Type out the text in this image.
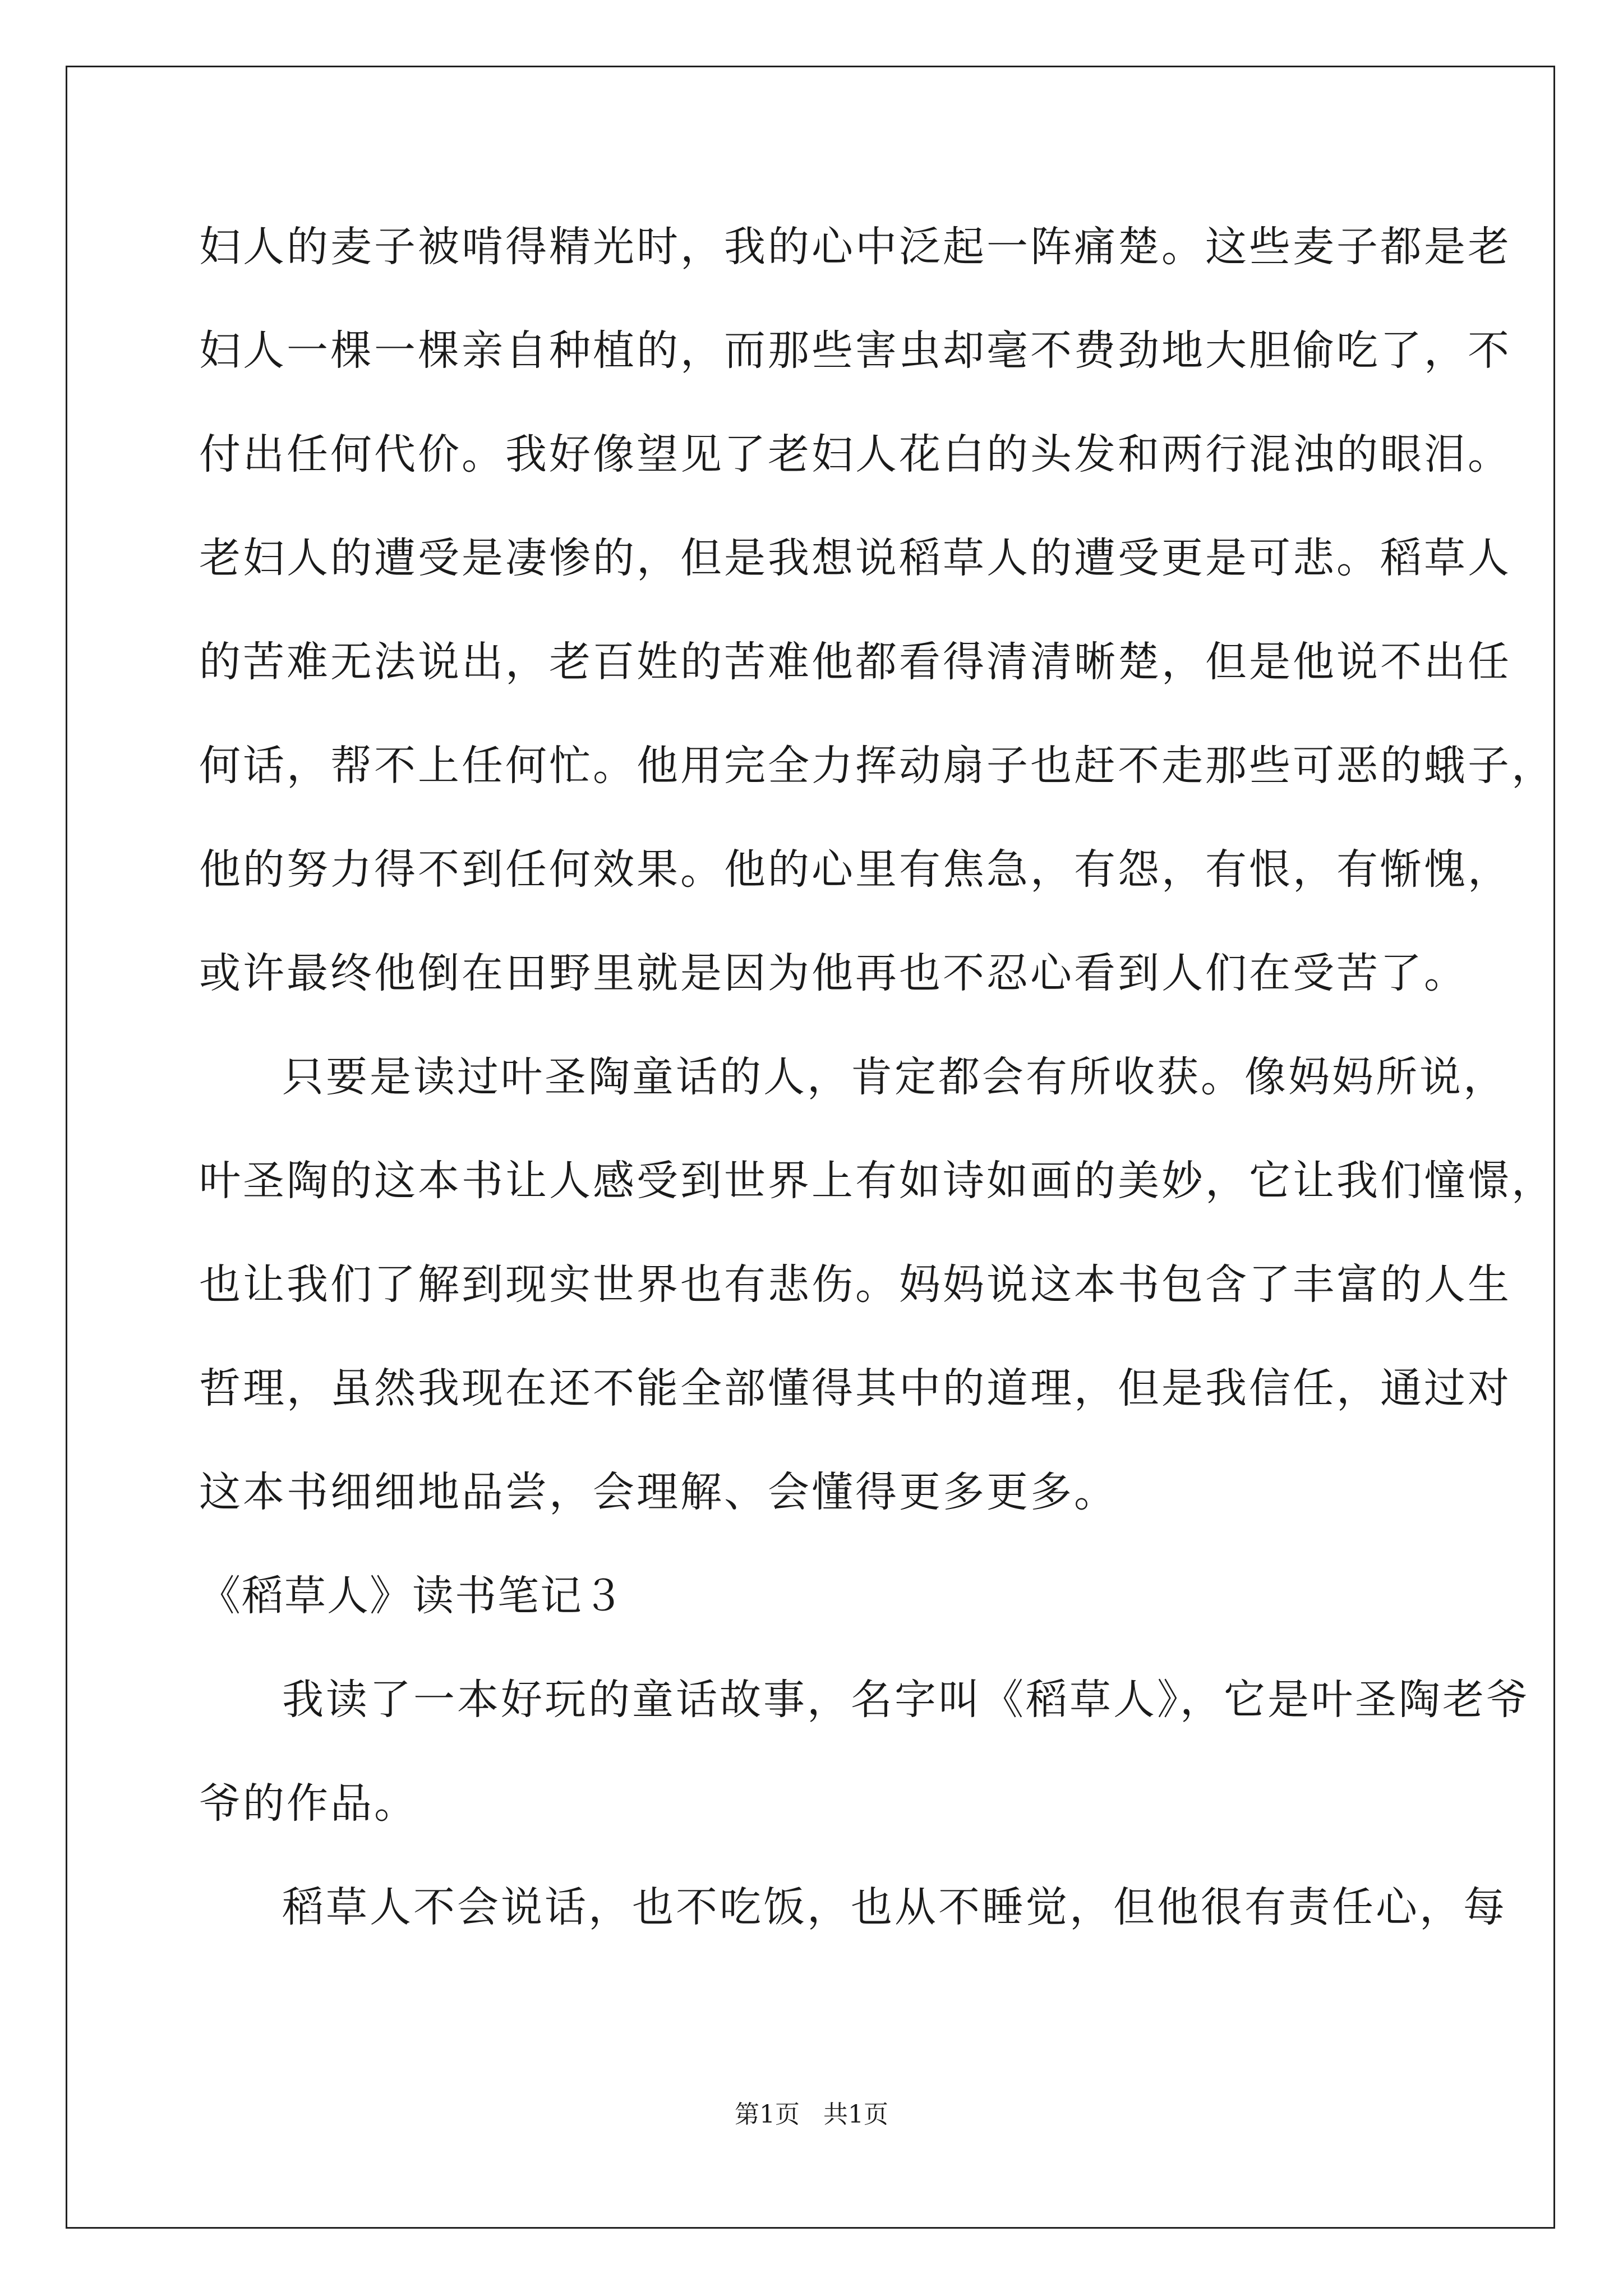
妇人的麦子被啃得精光时，我的心中泛起一阵痛楚。这些麦子都是老
妇人一棵一棵亲自种植的，而那些害虫却毫不费劲地大胆偷吃了，不
付出任何代价。我好像望见了老妇人花白的头发和两行混浊的眼泪。
老妇人的遭受是凄惨的，但是我想说稻草人的遭受更是可悲。稻草人
的苦难无法说出，老百姓的苦难他都看得清清晰楚，但是他说不出任
何话，帮不上任何忙。他用完全力挥动扇子也赶不走那些可恶的蛾子，
他的努力得不到任何效果。他的心里有焦急，有怨，有恨，有惭愧，
或许最终他倒在田野里就是因为他再也不忍心看到人们在受苦了。
只要是读过叶圣陶童话的人，肯定都会有所收获。像妈妈所说，
叶圣陶的这本书让人感受到世界上有如诗如画的美妙，它让我们憧憬，
也让我们了解到现实世界也有悲伤。妈妈说这本书包含了丰富的人生
哲理，虽然我现在还不能全部懂得其中的道理，但是我信任，通过对
这本书细细地品尝，会理解、会懂得更多更多。
《稻草人》读书笔记３
我读了一本好玩的童话故事，名字叫《稻草人》，它是叶圣陶老爷
爷的作品。
稻草人不会说话，也不吃饭，也从不睡觉，但他很有责任心，每
第1页 共1页
